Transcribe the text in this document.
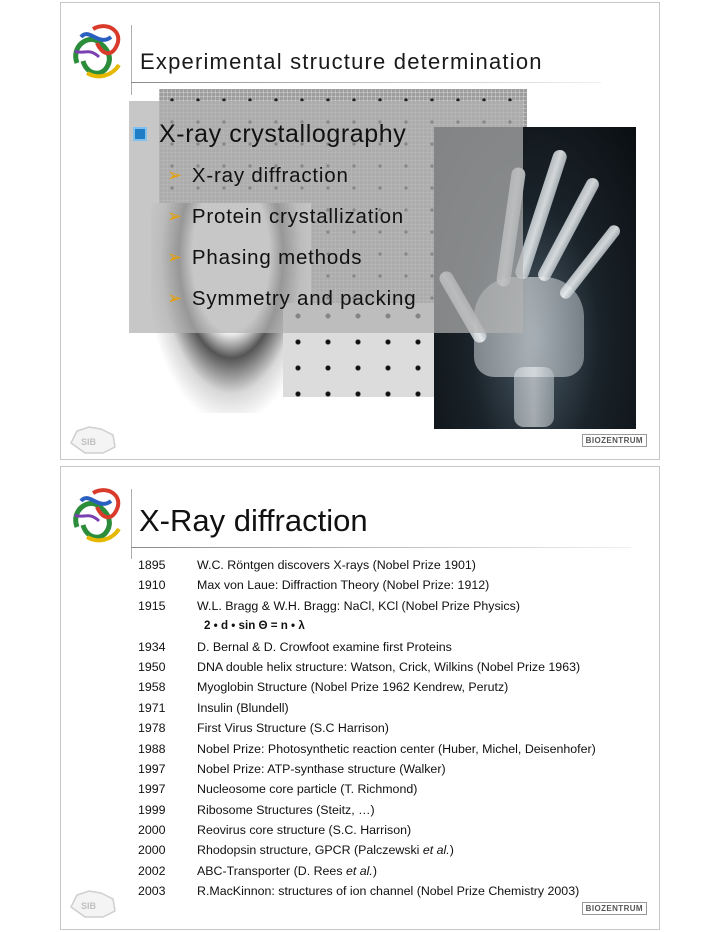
Experimental structure determination
X-ray crystallography
➢ X-ray diffraction
➢ Protein crystallization
➢ Phasing methods
➢ Symmetry and packing
SIB	BIOZENTRUM
X-Ray diffraction
1895	W.C. Röntgen discovers X-rays (Nobel Prize 1901)
1910	Max von Laue: Diffraction Theory (Nobel Prize: 1912)
1915	W.L. Bragg & W.H. Bragg: NaCl, KCl (Nobel Prize Physics)
2 • d • sin Θ = n • λ
1934	D. Bernal & D. Crowfoot examine first Proteins
1950	DNA double helix structure: Watson, Crick, Wilkins (Nobel Prize 1963)
1958	Myoglobin Structure (Nobel Prize 1962 Kendrew, Perutz)
1971	Insulin (Blundell)
1978	First Virus Structure (S.C Harrison)
1988	Nobel Prize: Photosynthetic reaction center (Huber, Michel, Deisenhofer)
1997	Nobel Prize: ATP-synthase structure (Walker)
1997	Nucleosome core particle (T. Richmond)
1999	Ribosome Structures (Steitz, …)
2000	Reovirus core structure (S.C. Harrison)
2000	Rhodopsin structure, GPCR (Palczewski et al.)
2002	ABC-Transporter (D. Rees et al.)
2003	R.MacKinnon: structures of ion channel (Nobel Prize Chemistry 2003)
SIB	BIOZENTRUM
